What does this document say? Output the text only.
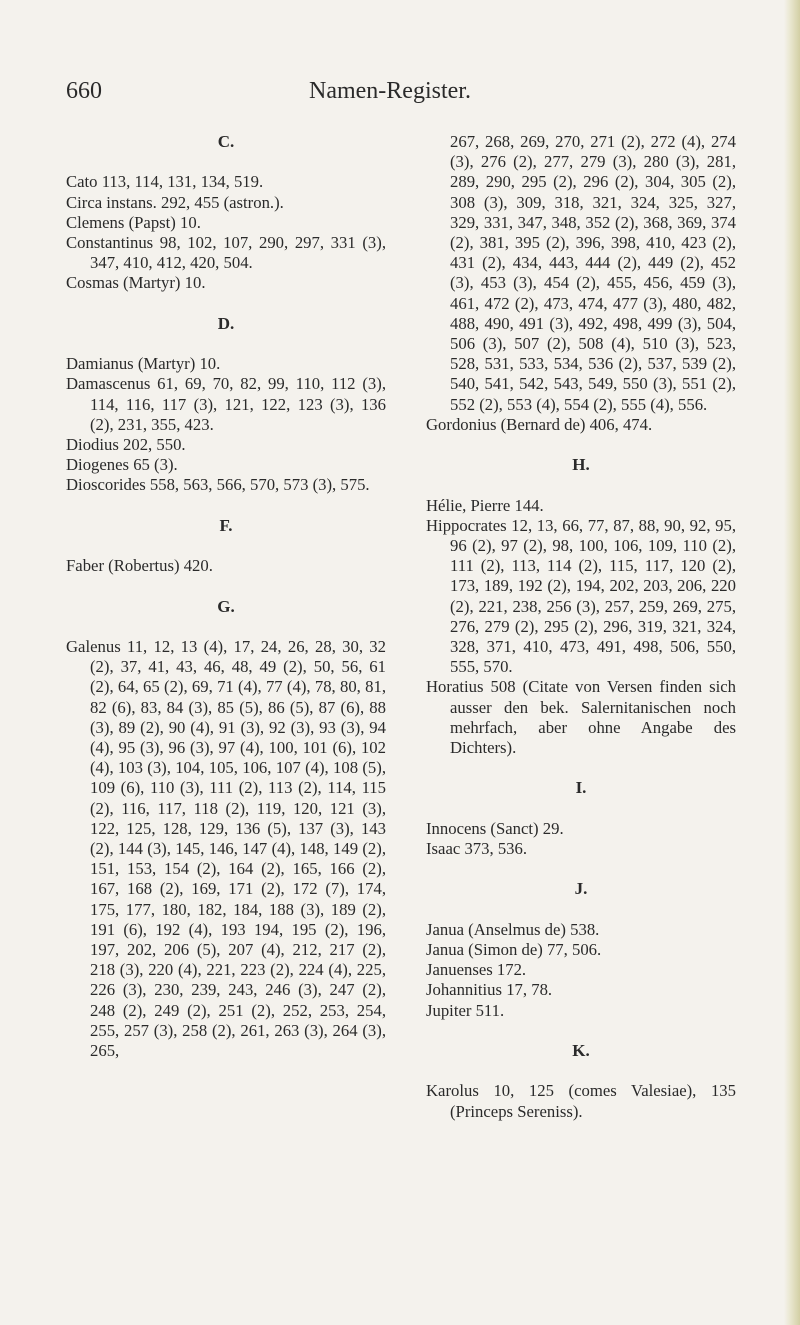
660	Namen-Register.
C.
Cato 113, 114, 131, 134, 519.
Circa instans. 292, 455 (astron.).
Clemens (Papst) 10.
Constantinus 98, 102, 107, 290, 297, 331 (3), 347, 410, 412, 420, 504.
Cosmas (Martyr) 10.
D.
Damianus (Martyr) 10.
Damascenus 61, 69, 70, 82, 99, 110, 112 (3), 114, 116, 117 (3), 121, 122, 123 (3), 136 (2), 231, 355, 423.
Diodius 202, 550.
Diogenes 65 (3).
Dioscorides 558, 563, 566, 570, 573 (3), 575.
F.
Faber (Robertus) 420.
G.
Galenus 11, 12, 13 (4), 17, 24, 26, 28, 30, 32 (2), 37, 41, 43, 46, 48, 49 (2), 50, 56, 61 (2), 64, 65 (2), 69, 71 (4), 77 (4), 78, 80, 81, 82 (6), 83, 84 (3), 85 (5), 86 (5), 87 (6), 88 (3), 89 (2), 90 (4), 91 (3), 92 (3), 93 (3), 94 (4), 95 (3), 96 (3), 97 (4), 100, 101 (6), 102 (4), 103 (3), 104, 105, 106, 107 (4), 108 (5), 109 (6), 110 (3), 111 (2), 113 (2), 114, 115 (2), 116, 117, 118 (2), 119, 120, 121 (3), 122, 125, 128, 129, 136 (5), 137 (3), 143 (2), 144 (3), 145, 146, 147 (4), 148, 149 (2), 151, 153, 154 (2), 164 (2), 165, 166 (2), 167, 168 (2), 169, 171 (2), 172 (7), 174, 175, 177, 180, 182, 184, 188 (3), 189 (2), 191 (6), 192 (4), 193 194, 195 (2), 196, 197, 202, 206 (5), 207 (4), 212, 217 (2), 218 (3), 220 (4), 221, 223 (2), 224 (4), 225, 226 (3), 230, 239, 243, 246 (3), 247 (2), 248 (2), 249 (2), 251 (2), 252, 253, 254, 255, 257 (3), 258 (2), 261, 263 (3), 264 (3), 265,
267, 268, 269, 270, 271 (2), 272 (4), 274 (3), 276 (2), 277, 279 (3), 280 (3), 281, 289, 290, 295 (2), 296 (2), 304, 305 (2), 308 (3), 309, 318, 321, 324, 325, 327, 329, 331, 347, 348, 352 (2), 368, 369, 374 (2), 381, 395 (2), 396, 398, 410, 423 (2), 431 (2), 434, 443, 444 (2), 449 (2), 452 (3), 453 (3), 454 (2), 455, 456, 459 (3), 461, 472 (2), 473, 474, 477 (3), 480, 482, 488, 490, 491 (3), 492, 498, 499 (3), 504, 506 (3), 507 (2), 508 (4), 510 (3), 523, 528, 531, 533, 534, 536 (2), 537, 539 (2), 540, 541, 542, 543, 549, 550 (3), 551 (2), 552 (2), 553 (4), 554 (2), 555 (4), 556.
Gordonius (Bernard de) 406, 474.
H.
Hélie, Pierre 144.
Hippocrates 12, 13, 66, 77, 87, 88, 90, 92, 95, 96 (2), 97 (2), 98, 100, 106, 109, 110 (2), 111 (2), 113, 114 (2), 115, 117, 120 (2), 173, 189, 192 (2), 194, 202, 203, 206, 220 (2), 221, 238, 256 (3), 257, 259, 269, 275, 276, 279 (2), 295 (2), 296, 319, 321, 324, 328, 371, 410, 473, 491, 498, 506, 550, 555, 570.
Horatius 508 (Citate von Versen finden sich ausser den bek. Salernitanischen noch mehrfach, aber ohne Angabe des Dichters).
I.
Innocens (Sanct) 29.
Isaac 373, 536.
J.
Janua (Anselmus de) 538.
Janua (Simon de) 77, 506.
Januenses 172.
Johannitius 17, 78.
Jupiter 511.
K.
Karolus 10, 125 (comes Valesiae), 135 (Princeps Sereniss).
